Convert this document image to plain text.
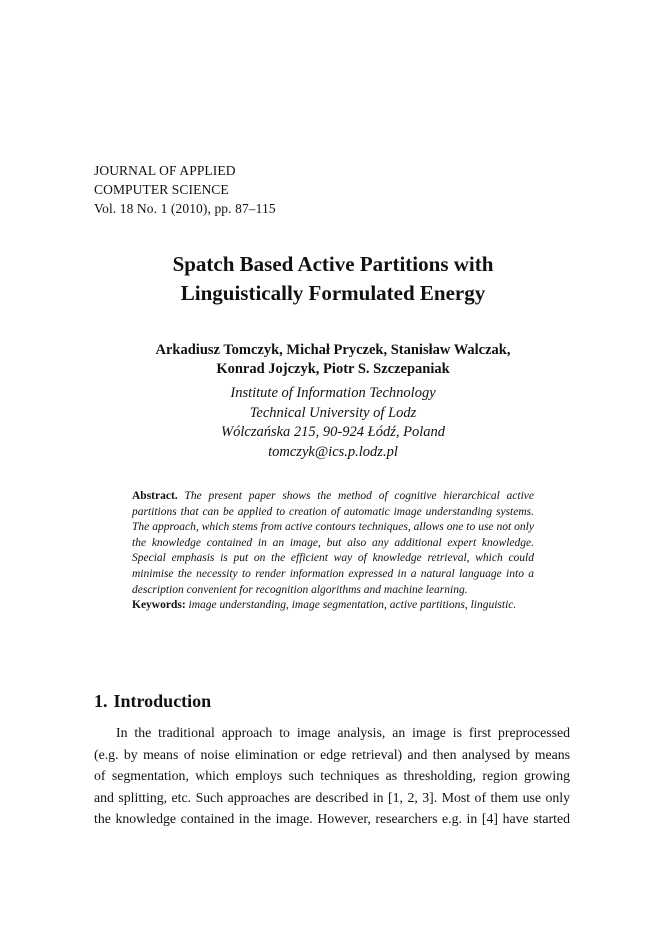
JOURNAL OF APPLIED
COMPUTER SCIENCE
Vol. 18 No. 1 (2010), pp. 87–115
Spatch Based Active Partitions with
Linguistically Formulated Energy
Arkadiusz Tomczyk, Michał Pryczek, Stanisław Walczak,
Konrad Jojczyk, Piotr S. Szczepaniak
Institute of Information Technology
Technical University of Lodz
Wólczańska 215, 90-924 Łódź, Poland
tomczyk@ics.p.lodz.pl

Abstract. The present paper shows the method of cognitive hierarchical active partitions that can be applied to creation of automatic image understanding systems. The approach, which stems from active contours techniques, allows one to use not only the knowledge contained in an image, but also any additional expert knowledge. Special emphasis is put on the efficient way of knowledge retrieval, which could minimise the necessity to render information expressed in a natural language into a description convenient for recognition algorithms and machine learning.

Keywords: image understanding, image segmentation, active partitions, linguistic.

1. Introduction
In the traditional approach to image analysis, an image is first preprocessed
(e.g. by means of noise elimination or edge retrieval) and then analysed by means
of segmentation, which employs such techniques as thresholding, region growing
and splitting, etc. Such approaches are described in [1, 2, 3]. Most of them use only
the knowledge contained in the image. However, researchers e.g. in [4] have started
